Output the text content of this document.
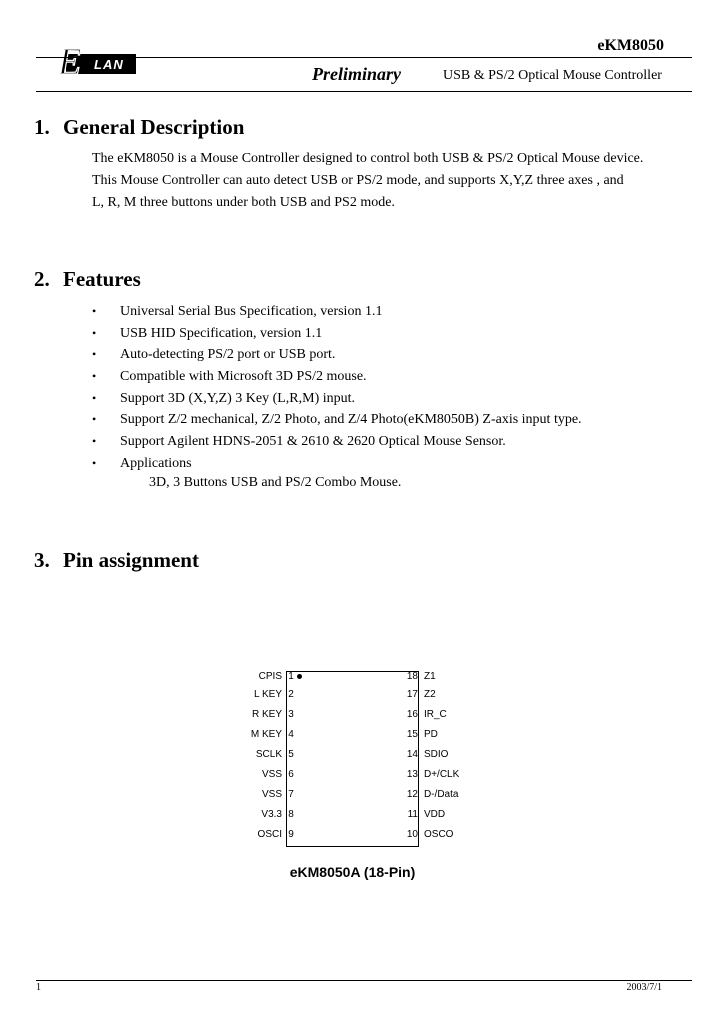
E LAN
eKM8050
Preliminary	USB & PS/2 Optical Mouse Controller
1. General Description

The eKM8050 is a Mouse Controller designed to control both USB & PS/2 Optical Mouse device.

This Mouse Controller can auto detect USB or PS/2 mode, and supports X,Y,Z three axes , and

L, R, M three buttons under both USB and PS2 mode.

2. Features
• Universal Serial Bus Specification, version 1.1
• USB HID Specification, version 1.1
• Auto-detecting PS/2 port or USB port.
• Compatible with Microsoft 3D PS/2 mouse.
• Support 3D (X,Y,Z) 3 Key (L,R,M) input.
• Support Z/2 mechanical, Z/2 Photo, and Z/4 Photo(eKM8050B) Z-axis input type.
• Support Agilent HDNS-2051 & 2610 & 2620 Optical Mouse Sensor.
• Applications
3D, 3 Buttons USB and PS/2 Combo Mouse.
3. Pin assignment
CPIS 1
L KEY 2
R KEY 3
M KEY 4
SCLK 5
VSS 6
VSS 7
V3.3 8
OSCI 9
18 Z1
17 Z2
16 IR_C
15 PD
14 SDIO
13 D+/CLK
12 D-/Data
11 VDD
10 OSCO
eKM8050A (18-Pin)
1	2003/7/1
